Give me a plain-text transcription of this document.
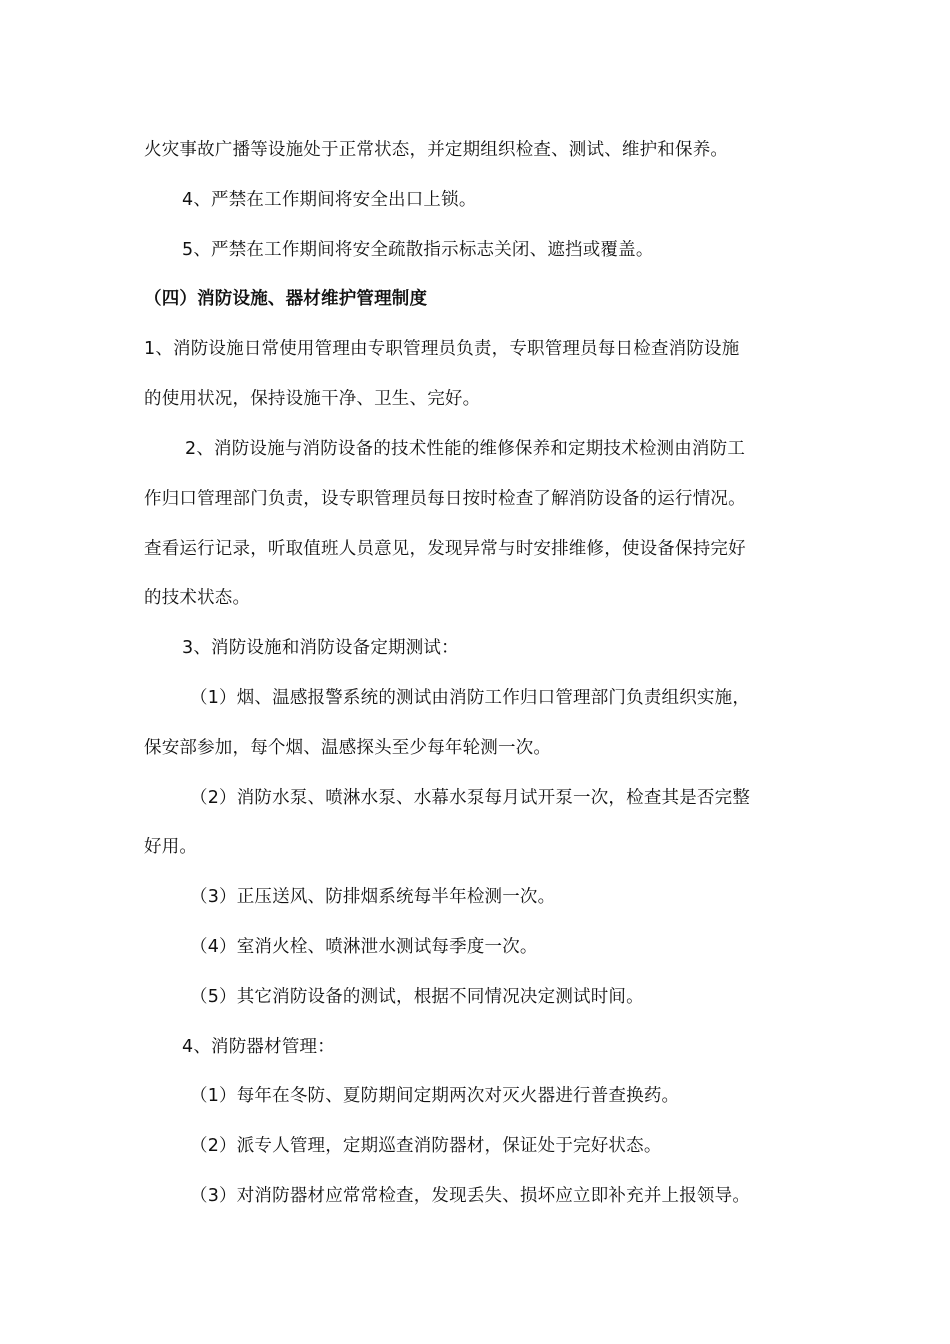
火灾事故广播等设施处于正常状态，并定期组织检查、测试、维护和保养。
4、严禁在工作期间将安全出口上锁。
5、严禁在工作期间将安全疏散指示标志关闭、遮挡或覆盖。
（四）消防设施、器材维护管理制度
1、消防设施日常使用管理由专职管理员负责，专职管理员每日检查消防设施
的使用状况，保持设施干净、卫生、完好。
2、消防设施与消防设备的技术性能的维修保养和定期技术检测由消防工
作归口管理部门负责，设专职管理员每日按时检查了解消防设备的运行情况。
查看运行记录，听取值班人员意见，发现异常与时安排维修，使设备保持完好
的技术状态。
3、消防设施和消防设备定期测试：
（1）烟、温感报警系统的测试由消防工作归口管理部门负责组织实施，
保安部参加，每个烟、温感探头至少每年轮测一次。
（2）消防水泵、喷淋水泵、水幕水泵每月试开泵一次，检查其是否完整
好用。
（3）正压送风、防排烟系统每半年检测一次。
（4）室消火栓、喷淋泄水测试每季度一次。
（5）其它消防设备的测试，根据不同情况决定测试时间。
4、消防器材管理：
（1）每年在冬防、夏防期间定期两次对灭火器进行普查换药。
（2）派专人管理，定期巡查消防器材，保证处于完好状态。
（3）对消防器材应常常检查，发现丢失、损坏应立即补充并上报领导。
